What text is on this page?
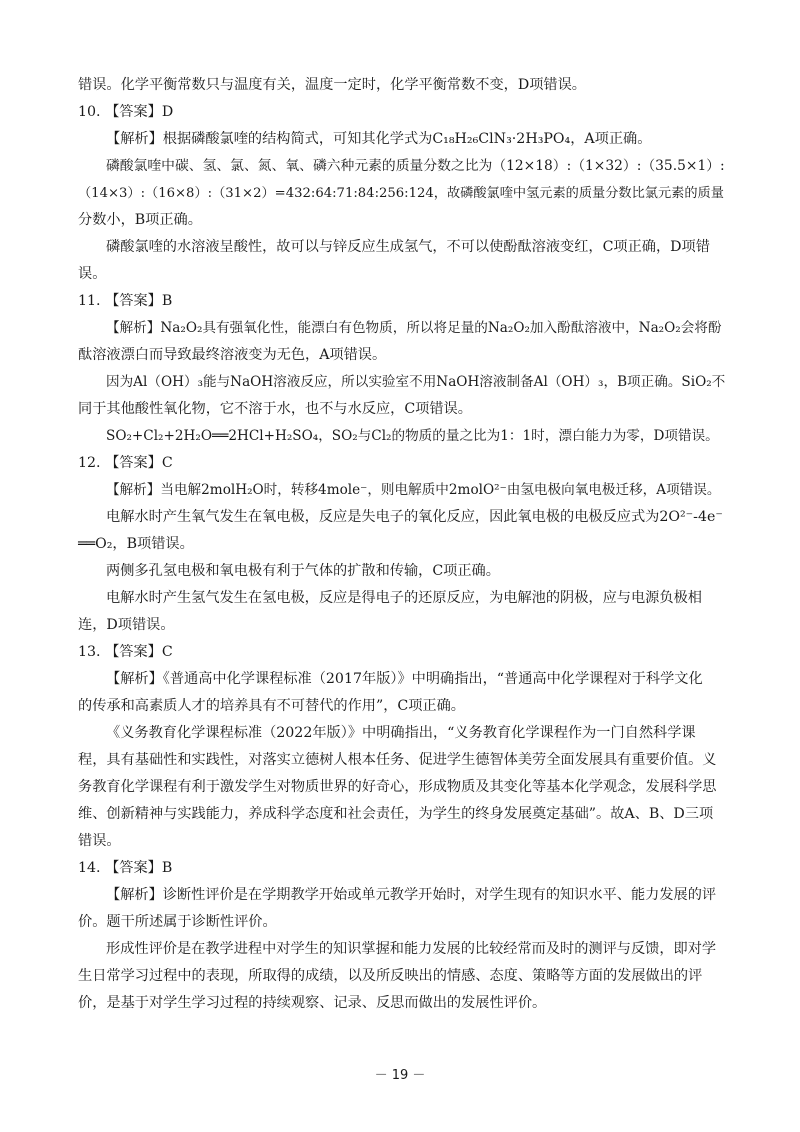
错误。化学平衡常数只与温度有关，温度一定时，化学平衡常数不变，D项错误。
10. 【答案】D
【解析】根据磷酸氯喹的结构简式，可知其化学式为C₁₈H₂₆ClN₃·2H₃PO₄，A项正确。
磷酸氯喹中碳、氢、氯、氮、氧、磷六种元素的质量分数之比为（12×18）:（1×32）:（35.5×1）:
（14×3）:（16×8）:（31×2）=432:64:71:84:256:124，故磷酸氯喹中氢元素的质量分数比氯元素的质量
分数小，B项正确。
磷酸氯喹的水溶液呈酸性，故可以与锌反应生成氢气，不可以使酚酞溶液变红，C项正确，D项错
误。
11. 【答案】B
【解析】Na₂O₂具有强氧化性，能漂白有色物质，所以将足量的Na₂O₂加入酚酞溶液中，Na₂O₂会将酚
酞溶液漂白而导致最终溶液变为无色，A项错误。
因为Al（OH）₃能与NaOH溶液反应，所以实验室不用NaOH溶液制备Al（OH）₃，B项正确。SiO₂不
同于其他酸性氧化物，它不溶于水，也不与水反应，C项错误。
SO₂+Cl₂+2H₂O══2HCl+H₂SO₄，SO₂与Cl₂的物质的量之比为1：1时，漂白能力为零，D项错误。
12. 【答案】C
【解析】当电解2molH₂O时，转移4mole⁻，则电解质中2molO²⁻由氢电极向氧电极迁移，A项错误。
电解水时产生氧气发生在氧电极，反应是失电子的氧化反应，因此氧电极的电极反应式为2O²⁻-4e⁻
══O₂，B项错误。
两侧多孔氢电极和氧电极有利于气体的扩散和传输，C项正确。
电解水时产生氢气发生在氢电极，反应是得电子的还原反应，为电解池的阴极，应与电源负极相
连，D项错误。
13. 【答案】C
【解析】《普通高中化学课程标准（2017年版）》中明确指出，“普通高中化学课程对于科学文化
的传承和高素质人才的培养具有不可替代的作用”，C项正确。
《义务教育化学课程标准（2022年版）》中明确指出，“义务教育化学课程作为一门自然科学课
程，具有基础性和实践性，对落实立德树人根本任务、促进学生德智体美劳全面发展具有重要价值。义
务教育化学课程有利于激发学生对物质世界的好奇心，形成物质及其变化等基本化学观念，发展科学思
维、创新精神与实践能力，养成科学态度和社会责任，为学生的终身发展奠定基础”。故A、B、D三项
错误。
14. 【答案】B
【解析】诊断性评价是在学期教学开始或单元教学开始时，对学生现有的知识水平、能力发展的评
价。题干所述属于诊断性评价。
形成性评价是在教学进程中对学生的知识掌握和能力发展的比较经常而及时的测评与反馈，即对学
生日常学习过程中的表现，所取得的成绩，以及所反映出的情感、态度、策略等方面的发展做出的评
价，是基于对学生学习过程的持续观察、记录、反思而做出的发展性评价。
－ 19 －
